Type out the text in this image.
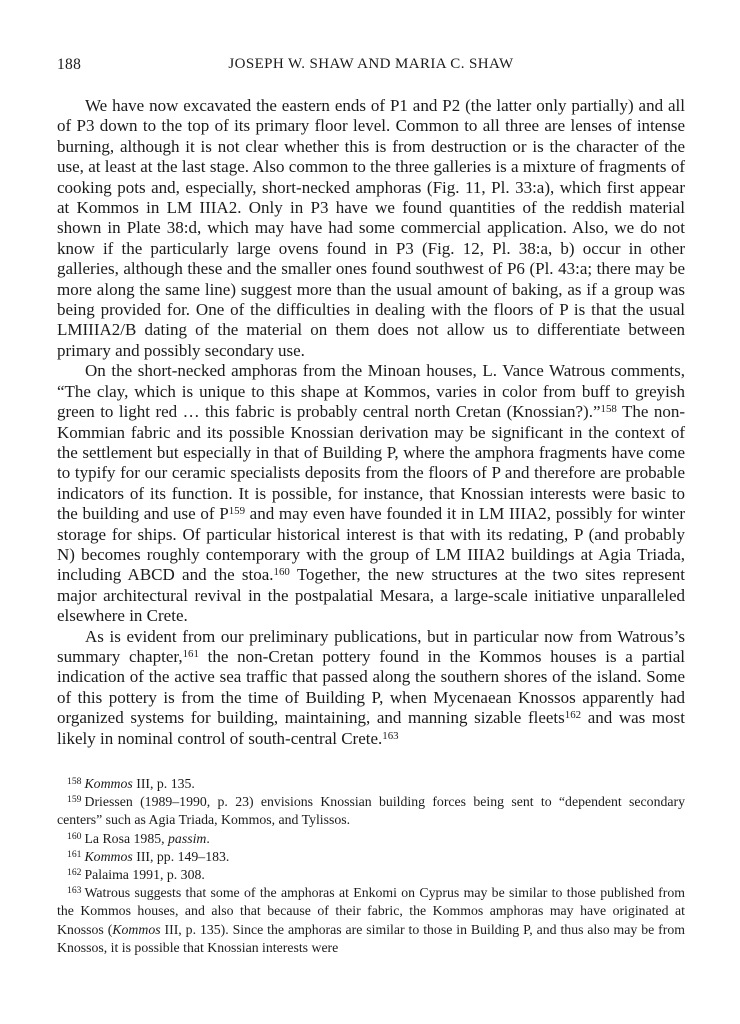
188	JOSEPH W. SHAW AND MARIA C. SHAW

We have now excavated the eastern ends of P1 and P2 (the latter only partially) and all of P3 down to the top of its primary floor level. Common to all three are lenses of intense burning, although it is not clear whether this is from destruction or is the character of the use, at least at the last stage. Also common to the three galleries is a mixture of fragments of cooking pots and, especially, short-necked amphoras (Fig. 11, Pl. 33:a), which first appear at Kommos in LM IIIA2. Only in P3 have we found quantities of the reddish material shown in Plate 38:d, which may have had some commercial application. Also, we do not know if the particularly large ovens found in P3 (Fig. 12, Pl. 38:a, b) occur in other galleries, although these and the smaller ones found southwest of P6 (Pl. 43:a; there may be more along the same line) suggest more than the usual amount of baking, as if a group was being provided for. One of the difficulties in dealing with the floors of P is that the usual LMIIIA2/B dating of the material on them does not allow us to differentiate between primary and possibly secondary use.

On the short-necked amphoras from the Minoan houses, L. Vance Watrous comments, “The clay, which is unique to this shape at Kommos, varies in color from buff to greyish green to light red … this fabric is probably central north Cretan (Knossian?).”$^{158}$ The non-Kommian fabric and its possible Knossian derivation may be significant in the context of the settlement but especially in that of Building P, where the amphora fragments have come to typify for our ceramic specialists deposits from the floors of P and therefore are probable indicators of its function. It is possible, for instance, that Knossian interests were basic to the building and use of $P^{159}$ and may even have founded it in LM IIIA2, possibly for winter storage for ships. Of particular historical interest is that with its redating, P (and probably N) becomes roughly contemporary with the group of LM IIIA2 buildings at Agia Triada, including ABCD and the stoa.$^{160}$ Together, the new structures at the two sites represent major architectural revival in the postpalatial Mesara, a large-scale initiative unparalleled elsewhere in Crete.

As is evident from our preliminary publications, but in particular now from Watrous’s summary chapter,$^{161}$ the non-Cretan pottery found in the Kommos houses is a partial indication of the active sea traffic that passed along the southern shores of the island. Some of this pottery is from the time of Building P, when Mycenaean Knossos apparently had organized systems for building, maintaining, and manning sizable fleets$^{162}$ and was most likely in nominal control of south-central Crete.$^{163}$

$^{158}$ Kommos III, p. 135.

$^{159}$ Driessen (1989–1990, p. 23) envisions Knossian building forces being sent to “dependent secondary centers” such as Agia Triada, Kommos, and Tylissos.

$^{160}$ La Rosa 1985, passim.

$^{161}$ Kommos III, pp. 149–183.

$^{162}$ Palaima 1991, p. 308.

$^{163}$ Watrous suggests that some of the amphoras at Enkomi on Cyprus may be similar to those published from the Kommos houses, and also that because of their fabric, the Kommos amphoras may have originated at Knossos (Kommos III, p. 135). Since the amphoras are similar to those in Building P, and thus also may be from Knossos, it is possible that Knossian interests were
